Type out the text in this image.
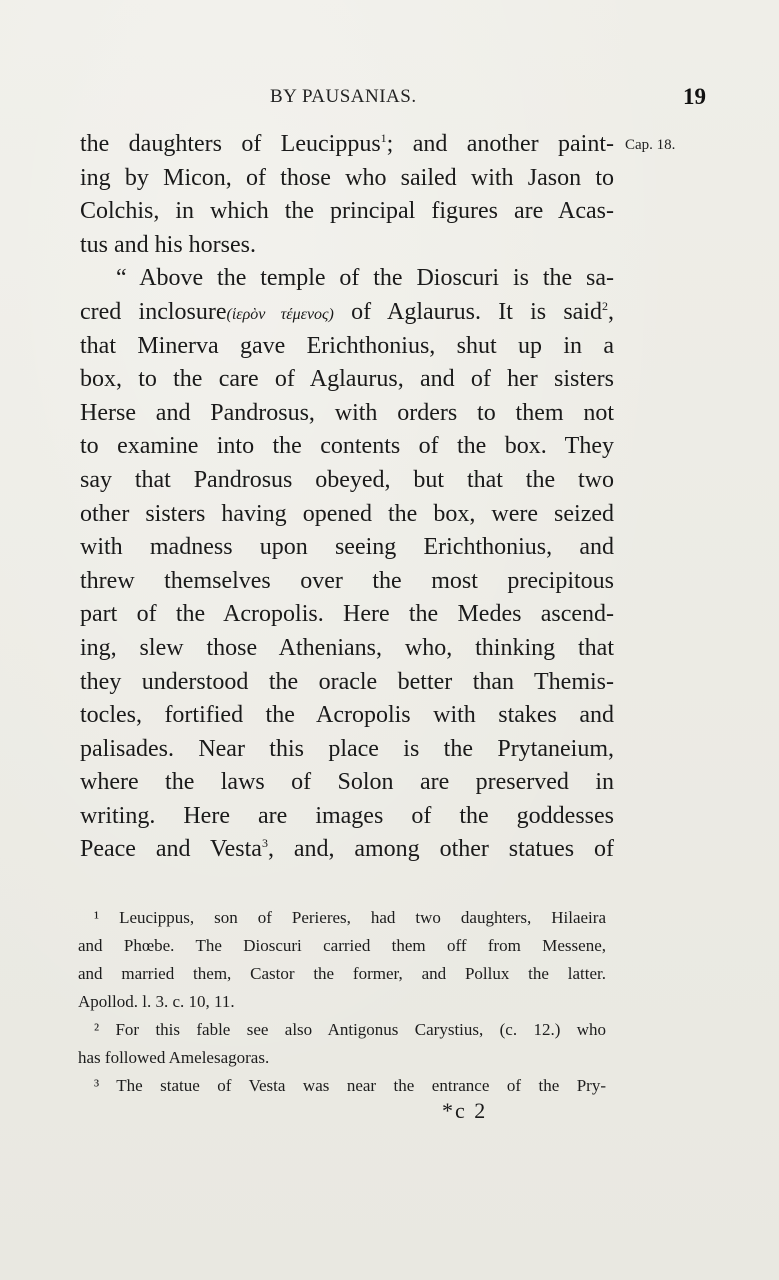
BY PAUSANIAS.	19
Cap. 18.
the daughters of Leucippus$^1$; and another paint-
ing by Micon, of those who sailed with Jason to
Colchis, in which the principal figures are Acas-
tus and his horses.
“ Above the temple of the Dioscuri is the sa-
cred inclosure(ἱερὸν τέμενος) of Aglaurus. It is said$^2$,
that Minerva gave Erichthonius, shut up in a
box, to the care of Aglaurus, and of her sisters
Herse and Pandrosus, with orders to them not
to examine into the contents of the box. They
say that Pandrosus obeyed, but that the two
other sisters having opened the box, were seized
with madness upon seeing Erichthonius, and
threw themselves over the most precipitous
part of the Acropolis. Here the Medes ascend-
ing, slew those Athenians, who, thinking that
they understood the oracle better than Themis-
tocles, fortified the Acropolis with stakes and
palisades. Near this place is the Prytaneium,
where the laws of Solon are preserved in
writing. Here are images of the goddesses
Peace and Vesta$^3$, and, among other statues of
¹ Leucippus, son of Perieres, had two daughters, Hilaeira
and Phœbe. The Dioscuri carried them off from Messene,
and married them, Castor the former, and Pollux the latter.
Apollod. l. 3. c. 10, 11.
² For this fable see also Antigonus Carystius, (c. 12.) who
has followed Amelesagoras.
³ The statue of Vesta was near the entrance of the Pry-
*c 2
